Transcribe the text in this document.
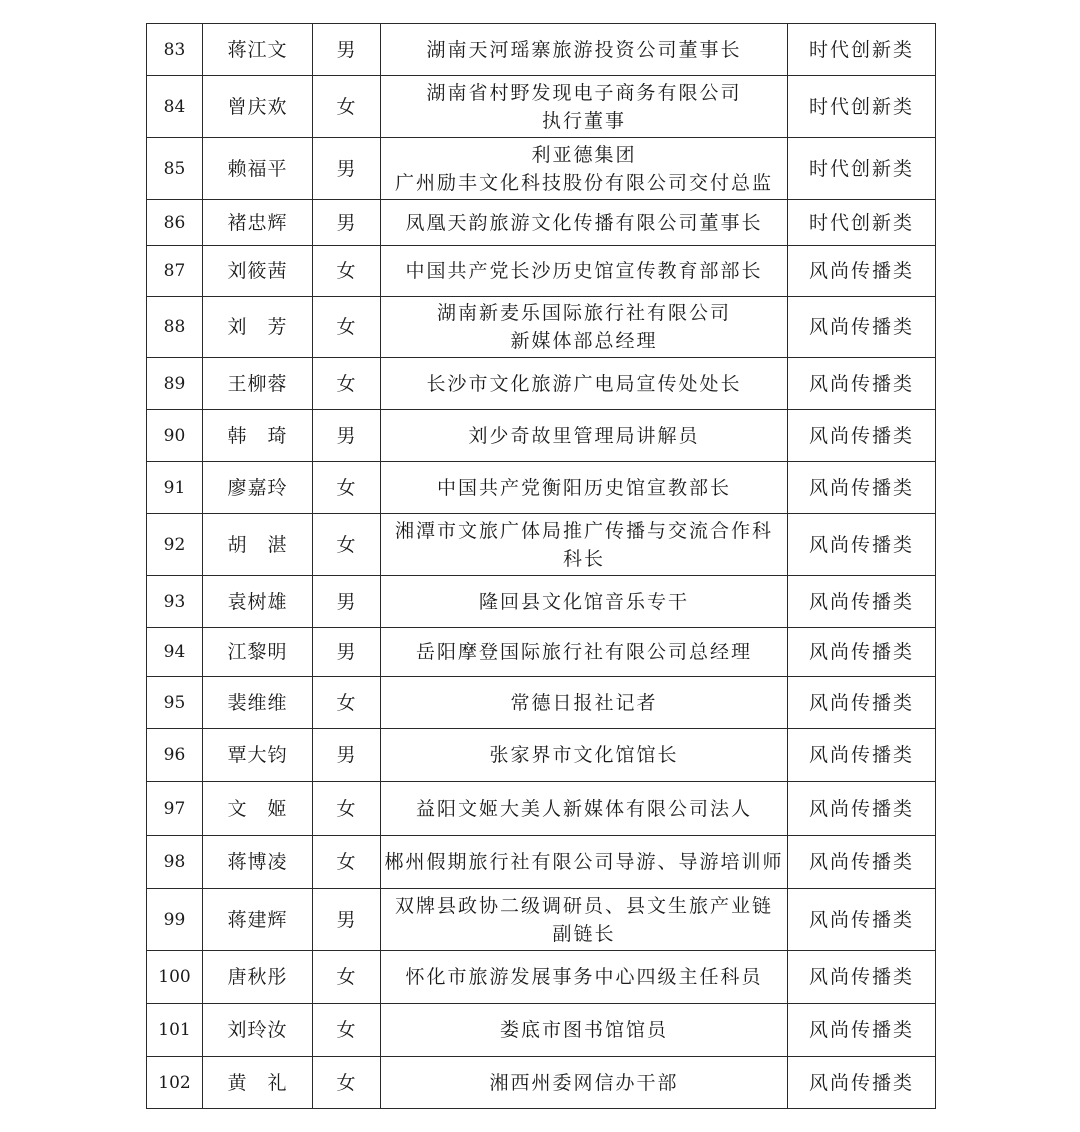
83	蒋江文	男	湖南天河瑶寨旅游投资公司董事长	时代创新类
84	曾庆欢	女	湖南省村野发现电子商务有限公司
执行董事	时代创新类
85	赖福平	男	利亚德集团
广州励丰文化科技股份有限公司交付总监	时代创新类
86	褚忠辉	男	凤凰天韵旅游文化传播有限公司董事长	时代创新类
87	刘筱茜	女	中国共产党长沙历史馆宣传教育部部长	风尚传播类
88	刘　芳	女	湖南新麦乐国际旅行社有限公司
新媒体部总经理	风尚传播类
89	王柳蓉	女	长沙市文化旅游广电局宣传处处长	风尚传播类
90	韩　琦	男	刘少奇故里管理局讲解员	风尚传播类
91	廖嘉玲	女	中国共产党衡阳历史馆宣教部长	风尚传播类
92	胡　湛	女	湘潭市文旅广体局推广传播与交流合作科
科长	风尚传播类
93	袁树雄	男	隆回县文化馆音乐专干	风尚传播类
94	江黎明	男	岳阳摩登国际旅行社有限公司总经理	风尚传播类
95	裴维维	女	常德日报社记者	风尚传播类
96	覃大钧	男	张家界市文化馆馆长	风尚传播类
97	文　姬	女	益阳文姬大美人新媒体有限公司法人	风尚传播类
98	蒋博凌	女	郴州假期旅行社有限公司导游、导游培训师	风尚传播类
99	蒋建辉	男	双牌县政协二级调研员、县文生旅产业链
副链长	风尚传播类
100	唐秋彤	女	怀化市旅游发展事务中心四级主任科员	风尚传播类
101	刘玲汝	女	娄底市图书馆馆员	风尚传播类
102	黄　礼	女	湘西州委网信办干部	风尚传播类
